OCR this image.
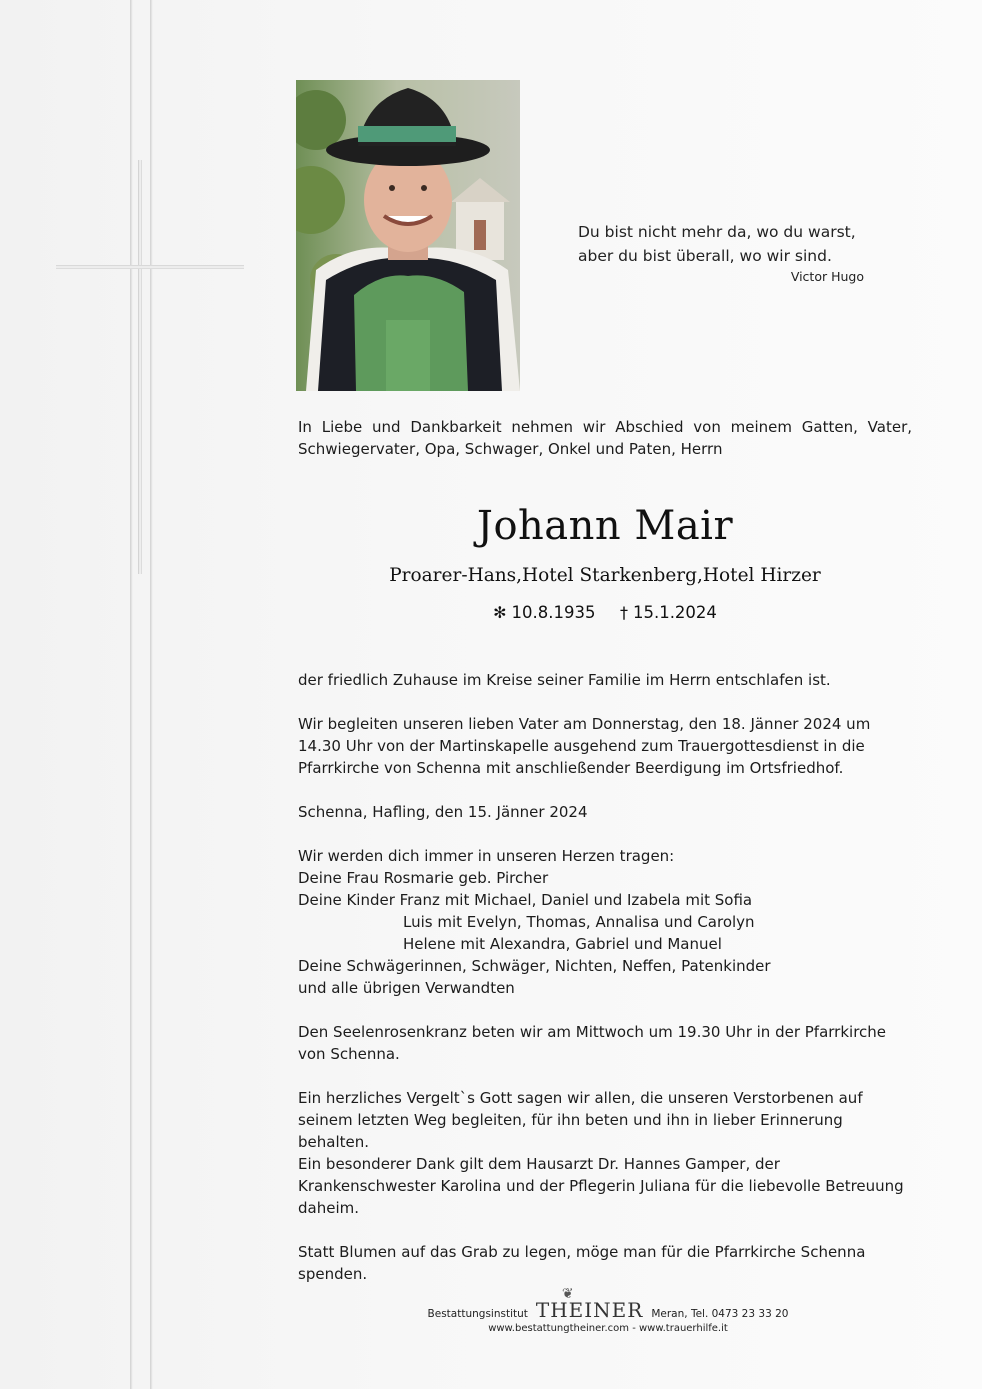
Du bist nicht mehr da, wo du warst,
aber du bist überall, wo wir sind.
Victor Hugo
In Liebe und Dankbarkeit nehmen wir Abschied von meinem Gatten, Vater, Schwiegervater, Opa, Schwager, Onkel und Paten, Herrn
Johann Mair
Proarer-Hans,Hotel Starkenberg,Hotel Hirzer
✻ 10.8.1935 † 15.1.2024

der friedlich Zuhause im Kreise seiner Familie im Herrn entschlafen ist.

Wir begleiten unseren lieben Vater am Donnerstag, den 18. Jänner 2024 um 14.30 Uhr von der Martinskapelle ausgehend zum Trauergottesdienst in die Pfarrkirche von Schenna mit anschließender Beerdigung im Ortsfriedhof.

Schenna, Hafling, den 15. Jänner 2024

Wir werden dich immer in unseren Herzen tragen:
Deine Frau Rosmarie geb. Pircher
Deine Kinder Franz mit Michael, Daniel und Izabela mit Sofia
Luis mit Evelyn, Thomas, Annalisa und Carolyn
Helene mit Alexandra, Gabriel und Manuel
Deine Schwägerinnen, Schwäger, Nichten, Neffen, Patenkinder
und alle übrigen Verwandten

Den Seelenrosenkranz beten wir am Mittwoch um 19.30 Uhr in der Pfarrkirche von Schenna.

Ein herzliches Vergelt`s Gott sagen wir allen, die unseren Verstorbenen auf seinem letzten Weg begleiten, für ihn beten und ihn in lieber Erinnerung behalten.
Ein besonderer Dank gilt dem Hausarzt Dr. Hannes Gamper, der Krankenschwester Karolina und der Pflegerin Juliana für die liebevolle Betreuung daheim.

Statt Blumen auf das Grab zu legen, möge man für die Pfarrkirche Schenna spenden.

Bestattungsinstitut
❦
THEINER Meran, Tel. 0473 23 33 20
www.bestattungtheiner.com - www.trauerhilfe.it
